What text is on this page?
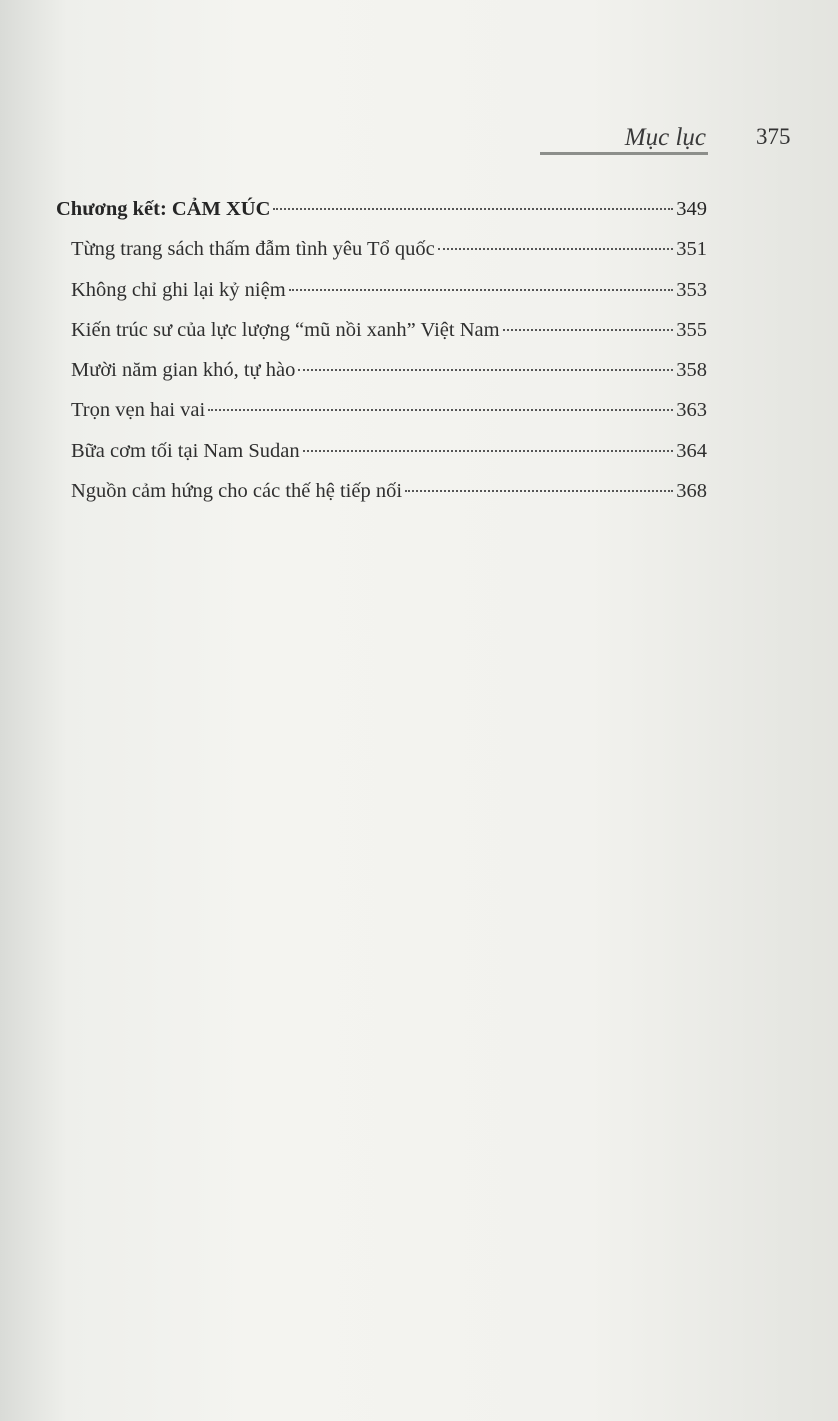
Mục lục 375
Chương kết: CẢM XÚC	349
Từng trang sách thấm đẫm tình yêu Tổ quốc	351
Không chỉ ghi lại kỷ niệm	353
Kiến trúc sư của lực lượng “mũ nồi xanh” Việt Nam	355
Mười năm gian khó, tự hào	358
Trọn vẹn hai vai	363
Bữa cơm tối tại Nam Sudan	364
Nguồn cảm hứng cho các thế hệ tiếp nối	368
